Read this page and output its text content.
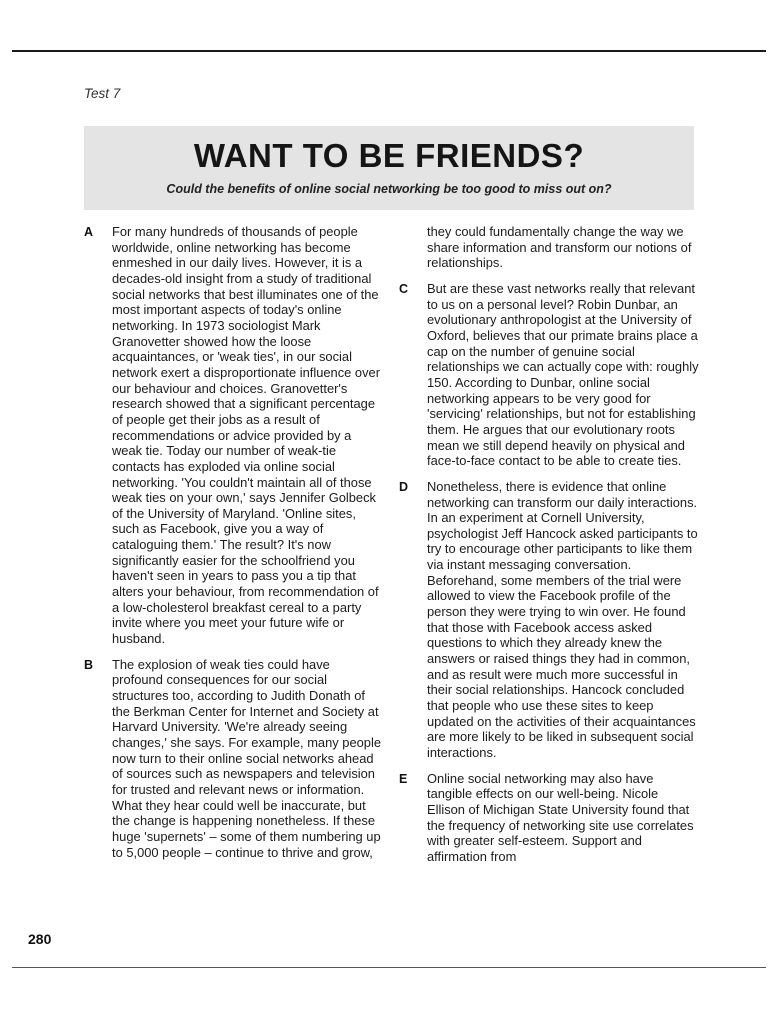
Test 7
WANT TO BE FRIENDS?
Could the benefits of online social networking be too good to miss out on?
A For many hundreds of thousands of people worldwide, online networking has become enmeshed in our daily lives. However, it is a decades-old insight from a study of traditional social networks that best illuminates one of the most important aspects of today's online networking. In 1973 sociologist Mark Granovetter showed how the loose acquaintances, or 'weak ties', in our social network exert a disproportionate influence over our behaviour and choices. Granovetter's research showed that a significant percentage of people get their jobs as a result of recommendations or advice provided by a weak tie. Today our number of weak-tie contacts has exploded via online social networking. 'You couldn't maintain all of those weak ties on your own,' says Jennifer Golbeck of the University of Maryland. 'Online sites, such as Facebook, give you a way of cataloguing them.' The result? It's now significantly easier for the schoolfriend you haven't seen in years to pass you a tip that alters your behaviour, from recommendation of a low-cholesterol breakfast cereal to a party invite where you meet your future wife or husband.

B The explosion of weak ties could have profound consequences for our social structures too, according to Judith Donath of the Berkman Center for Internet and Society at Harvard University. 'We're already seeing changes,' she says. For example, many people now turn to their online social networks ahead of sources such as newspapers and television for trusted and relevant news or information. What they hear could well be inaccurate, but the change is happening nonetheless. If these huge 'supernets' – some of them numbering up to 5,000 people – continue to thrive and grow,

they could fundamentally change the way we share information and transform our notions of relationships.

C But are these vast networks really that relevant to us on a personal level? Robin Dunbar, an evolutionary anthropologist at the University of Oxford, believes that our primate brains place a cap on the number of genuine social relationships we can actually cope with: roughly 150. According to Dunbar, online social networking appears to be very good for 'servicing' relationships, but not for establishing them. He argues that our evolutionary roots mean we still depend heavily on physical and face-to-face contact to be able to create ties.

D Nonetheless, there is evidence that online networking can transform our daily interactions. In an experiment at Cornell University, psychologist Jeff Hancock asked participants to try to encourage other participants to like them via instant messaging conversation. Beforehand, some members of the trial were allowed to view the Facebook profile of the person they were trying to win over. He found that those with Facebook access asked questions to which they already knew the answers or raised things they had in common, and as result were much more successful in their social relationships. Hancock concluded that people who use these sites to keep updated on the activities of their acquaintances are more likely to be liked in subsequent social interactions.

E Online social networking may also have tangible effects on our well-being. Nicole Ellison of Michigan State University found that the frequency of networking site use correlates with greater self-esteem. Support and affirmation from

280
